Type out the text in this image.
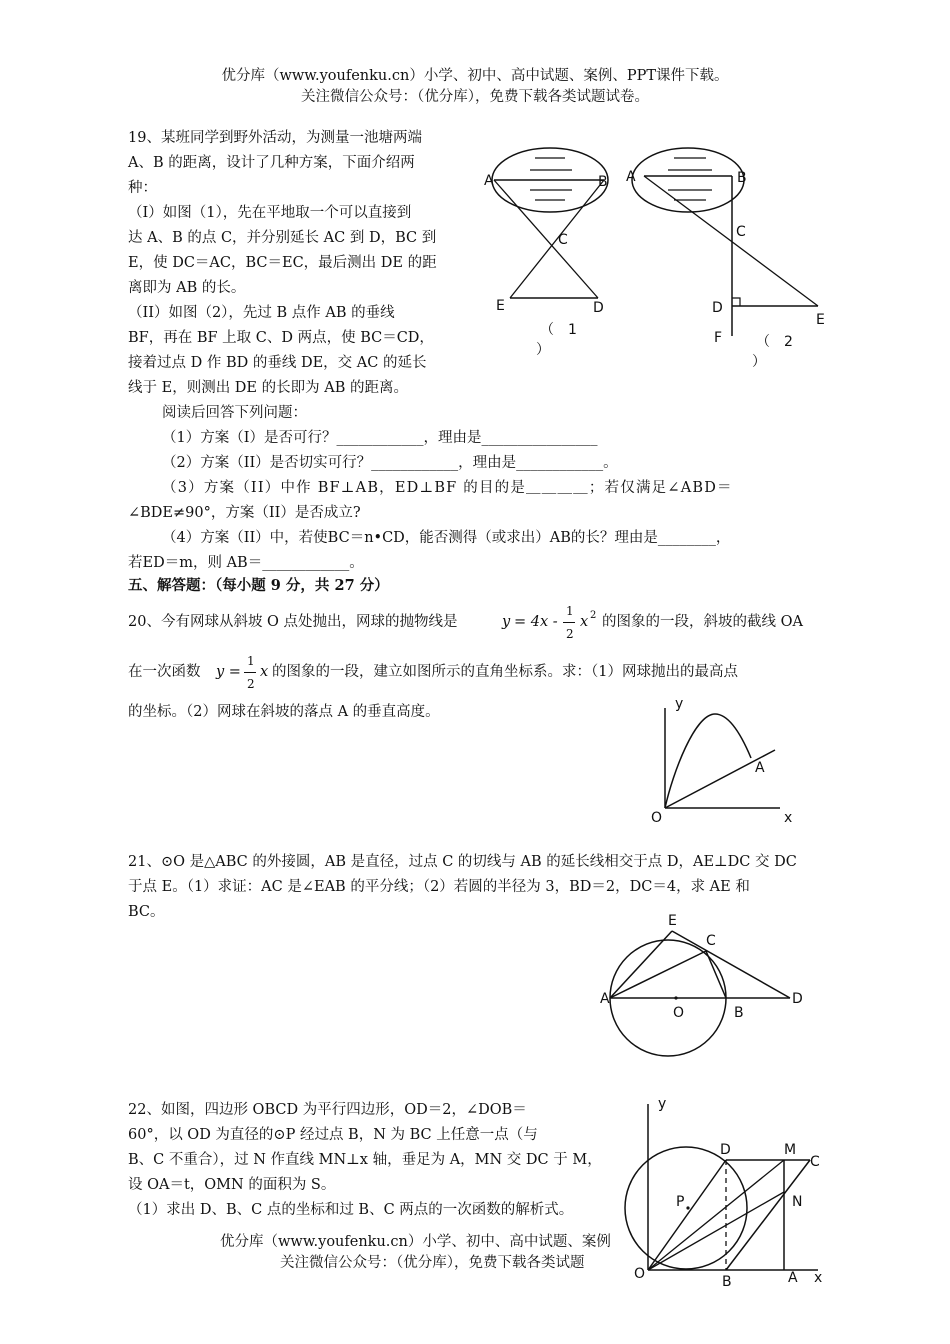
优分库（www.youfenku.cn）小学、初中、高中试题、案例、PPT课件下载。
关注微信公众号：（优分库），免费下载各类试题试卷。
19、某班同学到野外活动，为测量一池塘两端
A、B 的距离，设计了几种方案，下面介绍两
种：
（I）如图（1），先在平地取一个可以直接到
达 A、B 的点 C，并分别延长 AC 到 D，BC 到
E，使 DC＝AC，BC＝EC，最后测出 DE 的距
离即为 AB 的长。
（II）如图（2），先过 B 点作 AB 的垂线
BF，再在 BF 上取 C、D 两点，使 BC＝CD，
接着过点 D 作 BD 的垂线 DE，交 AC 的延长
线于 E，则测出 DE 的长即为 AB 的距离。
阅读后回答下列问题：
（1）方案（I）是否可行？____________，理由是________________
（2）方案（II）是否切实可行？____________，理由是____________。
（3）方案（II）中作 BF⊥AB，ED⊥BF 的目的是＿＿＿＿；若仅满足∠ABD＝
∠BDE≠90°，方案（II）是否成立?
（4）方案（II）中，若使BC＝n•CD，能否测得（或求出）AB的长？理由是________，
若ED＝m，则 AB＝____________。
A	B
C
E	D
（　1
）
A	B
C
D
E
F （　2
）
五、解答题：（每小题 9 分，共 27 分）
20、今有网球从斜坡 O 点处抛出，网球的抛物线是	y = 4x -
1
2
x 2 的图象的一段，斜坡的截线 OA
在一次函数 y =
1
2
x 的图象的一段，建立如图所示的直角坐标系。求：（1）网球抛出的最高点
的坐标。（2）网球在斜坡的落点 A 的垂直高度。	y
x
O
A
21、⊙O 是△ABC 的外接圆，AB 是直径，过点 C 的切线与 AB 的延长线相交于点 D，AE⊥DC 交 DC
于点 E。（1）求证：AC 是∠EAB 的平分线；（2）若圆的半径为 3，BD＝2，DC＝4，求 AE 和
BC。
E
C
A
O	B
D
22、如图，四边形 OBCD 为平行四边形，OD＝2，∠DOB＝
60°，以 OD 为直径的⊙P 经过点 B，N 为 BC 上任意一点（与
B、C 不重合），过 N 作直线 MN⊥x 轴，垂足为 A，MN 交 DC 于 M，
设 OA＝t，OMN 的面积为 S。
（1）求出 D、B、C 点的坐标和过 B、C 两点的一次函数的解析式。
y
x
O	B	A
D	M
C
N
P
优分库（www.youfenku.cn）小学、初中、高中试题、案例
关注微信公众号：（优分库），免费下载各类试题
